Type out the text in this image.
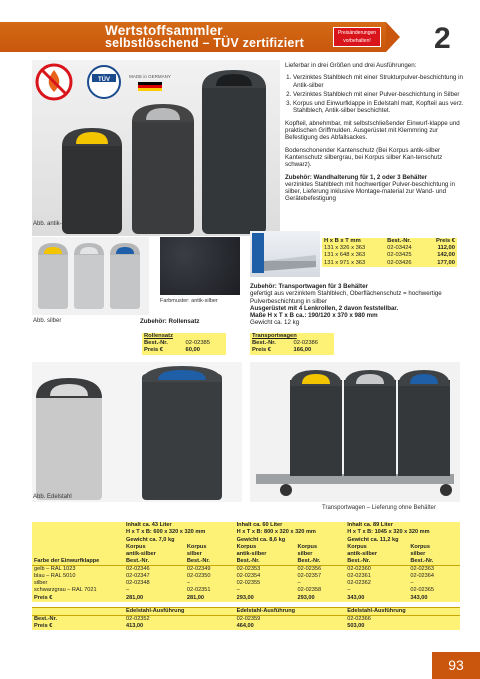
Wertstoffsammler
selbstlöschend – TÜV zertifiziert
Preisänderungen
vorbehalten!	2
TÜV
MADE in GERMANY
Abb. antik-silber

Lieferbar in drei Größen und drei Ausführungen:

1. Verzinktes Stahlblech mit einer Strukturpulver-beschichtung in Antik-silber
2. Verzinktes Stahlblech mit einer Pulver-beschichtung in Silber
3. Korpus und Einwurfklappe in Edelstahl matt, Kopfteil aus verz. Stahlblech, Antik-silber beschichtet.

Kopfteil, abnehmbar, mit selbstschließender Einwurf-klappe und praktischen Griffmulden. Ausgerüstet mit Klemmring zur Befestigung des Abfallsackes.

Bodenschonender Kantenschutz (Bei Korpus antik-silber Kantenschutz silbergrau, bei Korpus silber Kan-tenschutz schwarz).

Zubehör: Wandhalterung für 1, 2 oder 3 Behälter

verzinktes Stahlblech mit hochwertiger Pulver-beschichtung in silber, Lieferung inklusive Montage-material zur Wand- und Gerätebefestigung

H x B x T mm	Best.-Nr.	Preis €
131 x 326 x 363	02-03424	112,00
131 x 648 x 363	02-03425	142,00
131 x 971 x 363	02-03426	177,00
Abb. silber
Farbmuster: antik-silber
Zubehör: Rollensatz
Rollensatz	
Best.-Nr.	02-02385
Preis €	60,00
Zubehör: Transportwagen für 3 Behälter
gefertigt aus verzinktem Stahlblech, Oberflächenschutz = hochwertige Pulverbeschichtung in silber
Ausgerüstet mit 4 Lenkrollen, 2 davon feststellbar.
Maße H x T x B ca.: 190/120 x 370 x 980 mm
Gewicht ca. 12 kg
Transportwagen	
Best.-Nr.	02-02386
Preis €	166,00
Abb. Edelstahl
Transportwagen – Lieferung ohne Behälter
	Inhalt ca. 43 Liter		Inhalt ca. 60 Liter		Inhalt ca. 89 Liter	
	H x T x B: 600 x 320 x 320 mm		H x T x B: 800 x 320 x 320 mm		H x T x B: 1045 x 320 x 320 mm	
	Gewicht ca. 7,0 kg		Gewicht ca. 8,6 kg		Gewicht ca. 11,2 kg	
	Korpus	Korpus	Korpus	Korpus	Korpus	Korpus
	antik-silber	silber	antik-silber	silber	antik-silber	silber
Farbe der Einwurfklappe	Best.-Nr.	Best.-Nr.	Best.-Nr.	Best.-Nr.	Best.-Nr.	Best.-Nr.
gelb – RAL 1023	02-02346	02-02349	02-02353	02-02356	02-02360	02-02363
blau – RAL 5010	02-02347	02-02350	02-02354	02-02357	02-02361	02-02364
silber	02-02348	–	02-02355	–	02-02362	–
schwarzgrau – RAL 7021	–	02-02351	–	02-02358	–	02-02365
Preis €	281,00	281,00	293,00	293,00	343,00	343,00

	Edelstahl-Ausführung		Edelstahl-Ausführung		Edelstahl-Ausführung	
Best.-Nr.	02-02352		02-02359		02-02366	
Preis €	413,00		464,00		503,00	
93
